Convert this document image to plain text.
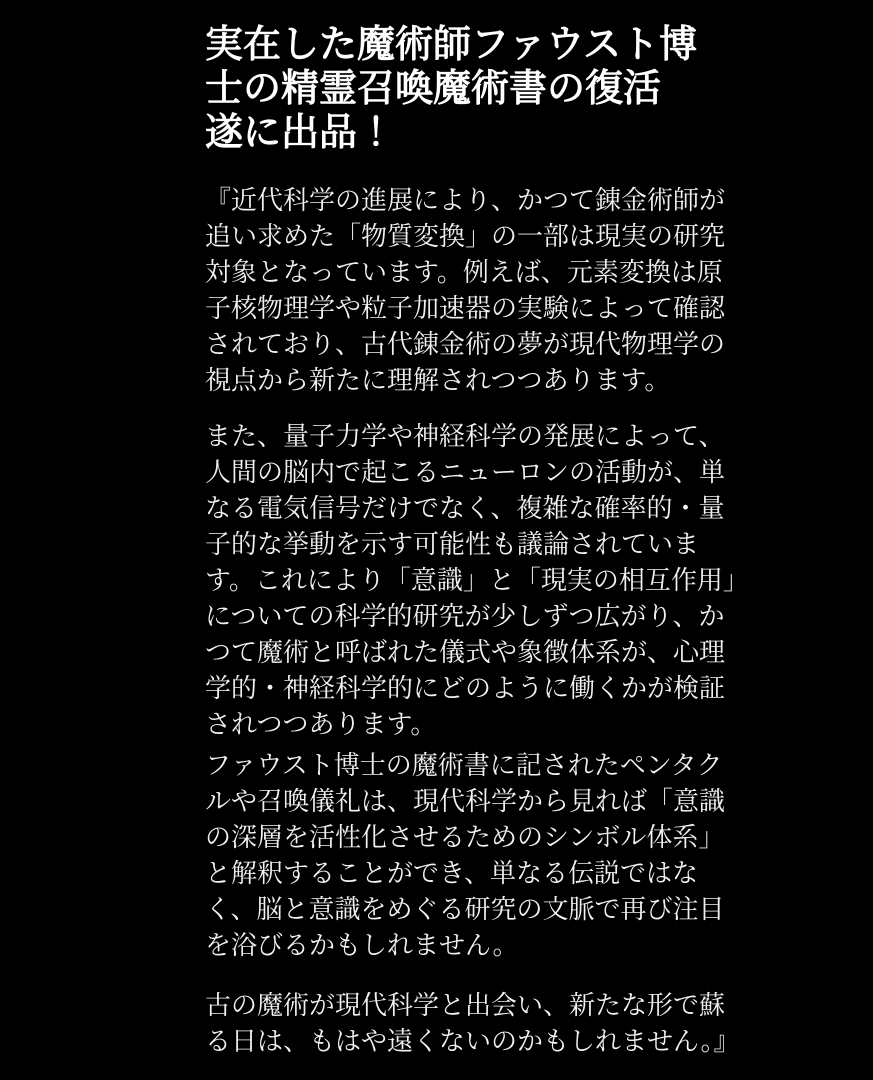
実在した魔術師ファウスト博士の精霊召喚魔術書の復活
遂に出品！

『近代科学の進展により、かつて錬金術師が追い求めた「物質変換」の一部は現実の研究対象となっています。例えば、元素変換は原子核物理学や粒子加速器の実験によって確認されており、古代錬金術の夢が現代物理学の視点から新たに理解されつつあります。

また、量子力学や神経科学の発展によって、人間の脳内で起こるニューロンの活動が、単なる電気信号だけでなく、複雑な確率的・量子的な挙動を示す可能性も議論されています。これにより「意識」と「現実の相互作用」についての科学的研究が少しずつ広がり、かつて魔術と呼ばれた儀式や象徴体系が、心理学的・神経科学的にどのように働くかが検証されつつあります。

ファウスト博士の魔術書に記されたペンタクルや召喚儀礼は、現代科学から見れば「意識の深層を活性化させるためのシンボル体系」と解釈することができ、単なる伝説ではなく、脳と意識をめぐる研究の文脈で再び注目を浴びるかもしれません。

古の魔術が現代科学と出会い、新たな形で蘇る日は、もはや遠くないのかもしれません。』
